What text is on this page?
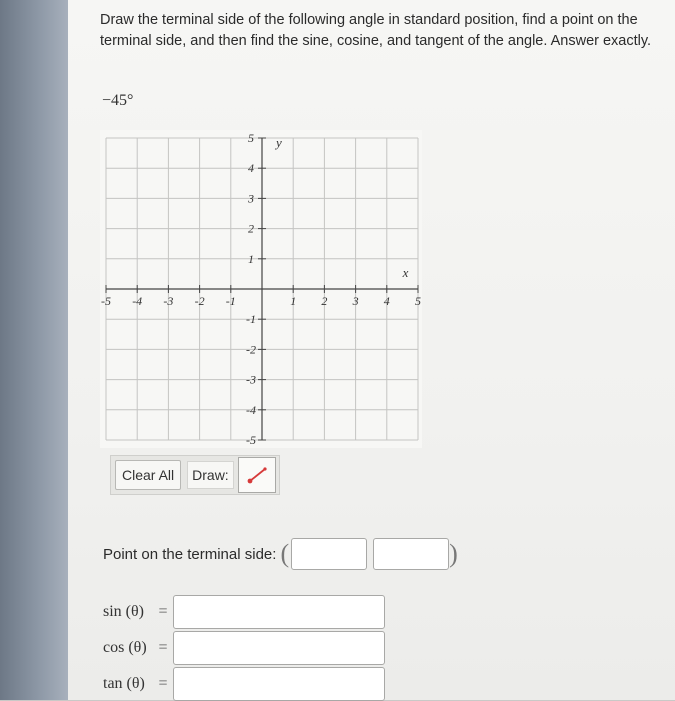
Draw the terminal side of the following angle in standard position, find a point on the terminal side, and then find the sine, cosine, and tangent of the angle. Answer exactly.
−45°
-5 -4 -3 -2 -1	1 2 3 4 5
5
4
3
2
1
-1
-2
-3
-4
-5
x
y
Clear All	Draw:
Point on the terminal side: (	)
sin (θ) =
cos (θ) =
tan (θ) =
